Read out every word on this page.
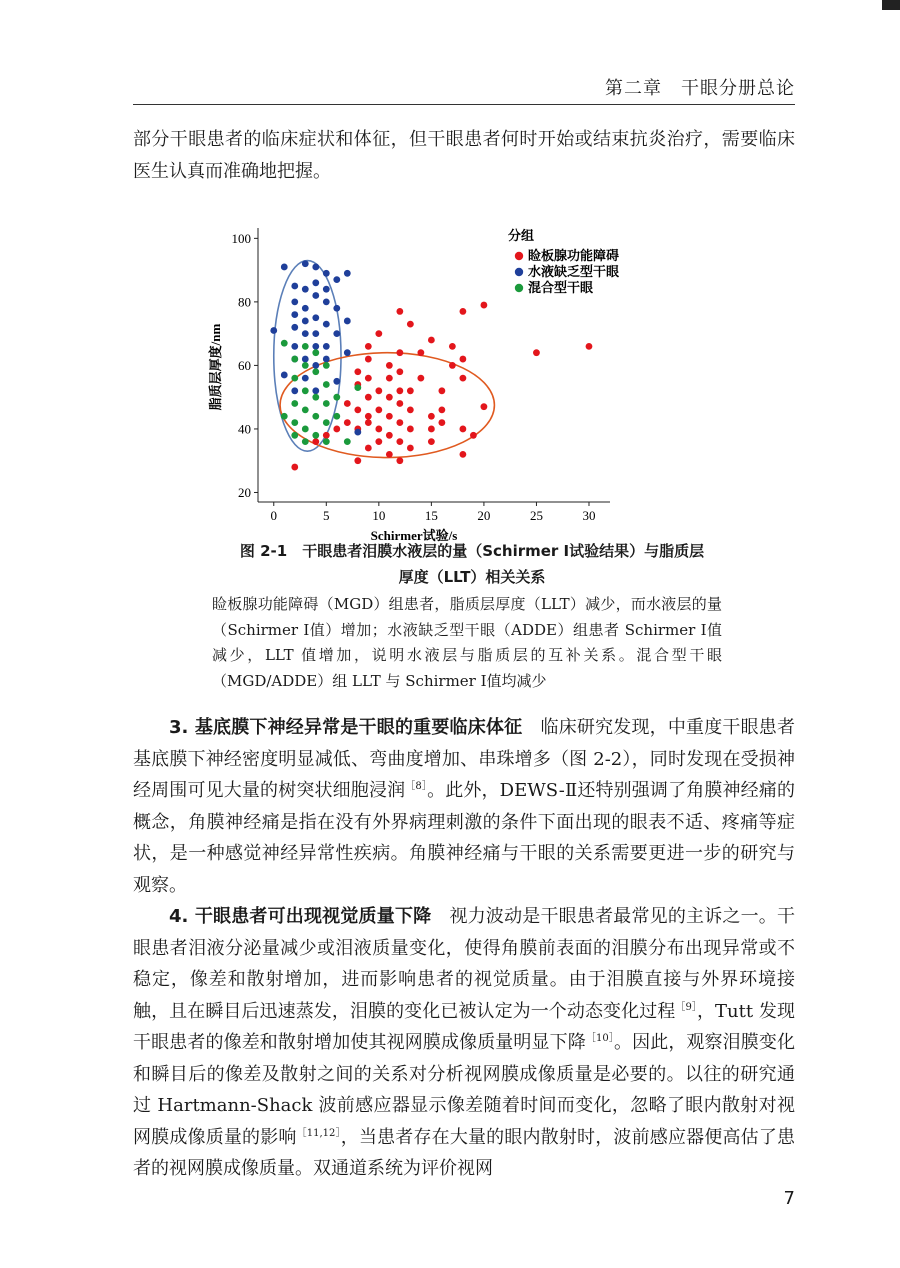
第二章　干眼分册总论
部分干眼患者的临床症状和体征，但干眼患者何时开始或结束抗炎治疗，需要临床医生认真而准确地把握。
0	5	10	15	20	25	30
20
40
60
80
100
Schirmer试验/s
脂质层厚度/nm
分组
睑板腺功能障碍
水液缺乏型干眼
混合型干眼
图 2-1　干眼患者泪膜水液层的量（Schirmer Ⅰ试验结果）与脂质层
厚度（LLT）相关关系
睑板腺功能障碍（MGD）组患者，脂质层厚度（LLT）减少，而水液层的量（Schirmer Ⅰ值）增加；水液缺乏型干眼（ADDE）组患者 Schirmer Ⅰ值减少，LLT 值增加，说明水液层与脂质层的互补关系。混合型干眼（MGD/ADDE）组 LLT 与 Schirmer Ⅰ值均减少

3. 基底膜下神经异常是干眼的重要临床体征　 临床研究发现，中重度干眼患者基底膜下神经密度明显减低、弯曲度增加、串珠增多（图 2-2），同时发现在受损神经周围可见大量的树突状细胞浸润$^{[8]}$。此外，DEWS-Ⅱ还特别强调了角膜神经痛的概念，角膜神经痛是指在没有外界病理刺激的条件下面出现的眼表不适、疼痛等症状，是一种感觉神经异常性疾病。角膜神经痛与干眼的关系需要更进一步的研究与观察。

4. 干眼患者可出现视觉质量下降　 视力波动是干眼患者最常见的主诉之一。干眼患者泪液分泌量减少或泪液质量变化，使得角膜前表面的泪膜分布出现异常或不稳定，像差和散射增加，进而影响患者的视觉质量。由于泪膜直接与外界环境接触，且在瞬目后迅速蒸发，泪膜的变化已被认定为一个动态变化过程$^{[9]}$，Tutt 发现干眼患者的像差和散射增加使其视网膜成像质量明显下降$^{[10]}$。因此，观察泪膜变化和瞬目后的像差及散射之间的关系对分析视网膜成像质量是必要的。以往的研究通过 Hartmann-Shack 波前感应器显示像差随着时间而变化，忽略了眼内散射对视网膜成像质量的影响$^{[11,12]}$，当患者存在大量的眼内散射时，波前感应器便高估了患者的视网膜成像质量。双通道系统为评价视网

7
